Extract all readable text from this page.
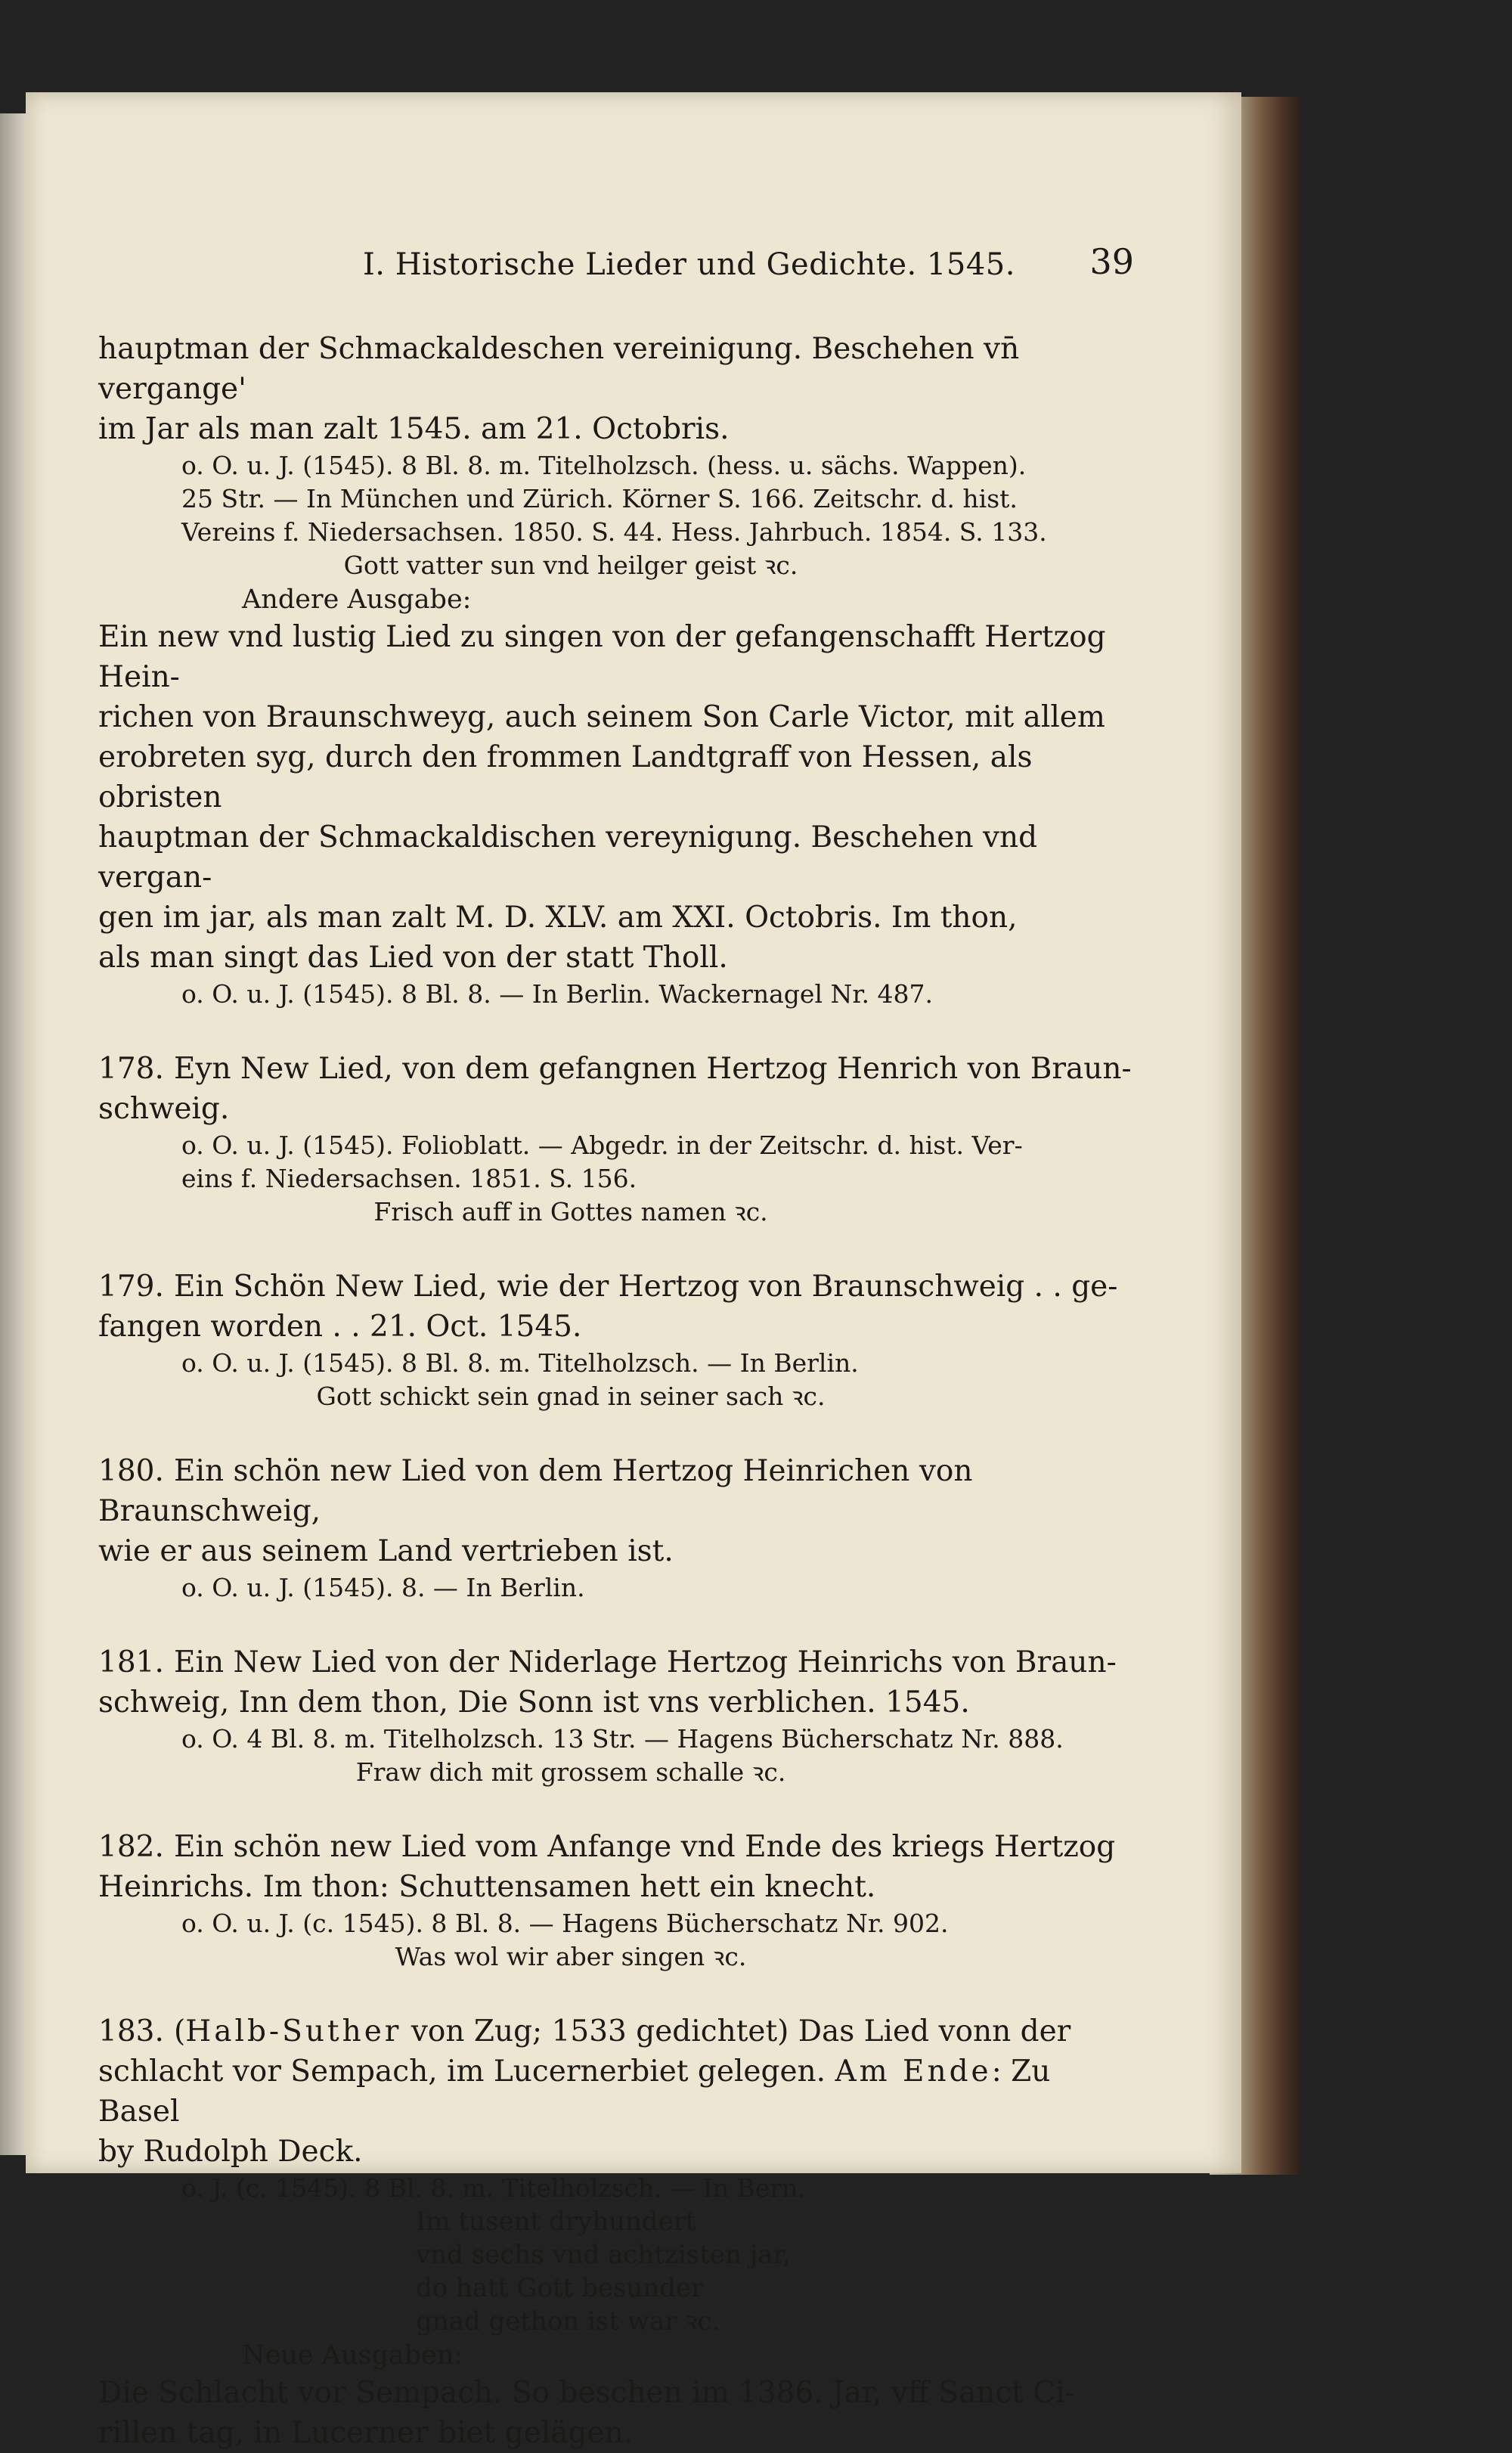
I. Historische Lieder und Gedichte. 1545. 39

hauptman der Schmackaldeschen vereinigung. Beschehen vn̄ vergange'

im Jar als man zalt 1545. am 21. Octobris.

o. O. u. J. (1545). 8 Bl. 8. m. Titelholzsch. (hess. u. sächs. Wappen).

25 Str. — In München und Zürich. Körner S. 166. Zeitschr. d. hist.

Vereins f. Niedersachsen. 1850. S. 44. Hess. Jahrbuch. 1854. S. 133.

Gott vatter sun vnd heilger geist ꝛc.

Andere Ausgabe:

Ein new vnd lustig Lied zu singen von der gefangenschafft Hertzog Hein-

richen von Braunschweyg, auch seinem Son Carle Victor, mit allem

erobreten syg, durch den frommen Landtgraff von Hessen, als obristen

hauptman der Schmackaldischen vereynigung. Beschehen vnd vergan-

gen im jar, als man zalt M. D. XLV. am XXI. Octobris. Im thon,

als man singt das Lied von der statt Tholl.

o. O. u. J. (1545). 8 Bl. 8. — In Berlin. Wackernagel Nr. 487.

178. Eyn New Lied, von dem gefangnen Hertzog Henrich von Braun-

schweig.

o. O. u. J. (1545). Folioblatt. — Abgedr. in der Zeitschr. d. hist. Ver-

eins f. Niedersachsen. 1851. S. 156.

Frisch auff in Gottes namen ꝛc.

179. Ein Schön New Lied, wie der Hertzog von Braunschweig . . ge-

fangen worden . . 21. Oct. 1545.

o. O. u. J. (1545). 8 Bl. 8. m. Titelholzsch. — In Berlin.

Gott schickt sein gnad in seiner sach ꝛc.

180. Ein schön new Lied von dem Hertzog Heinrichen von Braunschweig,

wie er aus seinem Land vertrieben ist.

o. O. u. J. (1545). 8. — In Berlin.

181. Ein New Lied von der Niderlage Hertzog Heinrichs von Braun-

schweig, Inn dem thon, Die Sonn ist vns verblichen. 1545.

o. O. 4 Bl. 8. m. Titelholzsch. 13 Str. — Hagens Bücherschatz Nr. 888.

Fraw dich mit grossem schalle ꝛc.

182. Ein schön new Lied vom Anfange vnd Ende des kriegs Hertzog

Heinrichs. Im thon: Schuttensamen hett ein knecht.

o. O. u. J. (c. 1545). 8 Bl. 8. — Hagens Bücherschatz Nr. 902.

Was wol wir aber singen ꝛc.

183. (Halb-Suther von Zug; 1533 gedichtet) Das Lied vonn der

schlacht vor Sempach, im Lucernerbiet gelegen. Am Ende: Zu Basel

by Rudolph Deck.

o. J. (c. 1545). 8 Bl. 8. m. Titelholzsch. — In Bern.

Im tusent dryhundert

vnd sechs vnd achtzisten jar,

do hatt Gott besunder

gnad gethon ist war ꝛc.

Neue Ausgaben:

Die Schlacht vor Sempach. So beschen im 1386. Jar, vff Sanct Ci-

rillen tag, in Lucerner biet gelägen.
